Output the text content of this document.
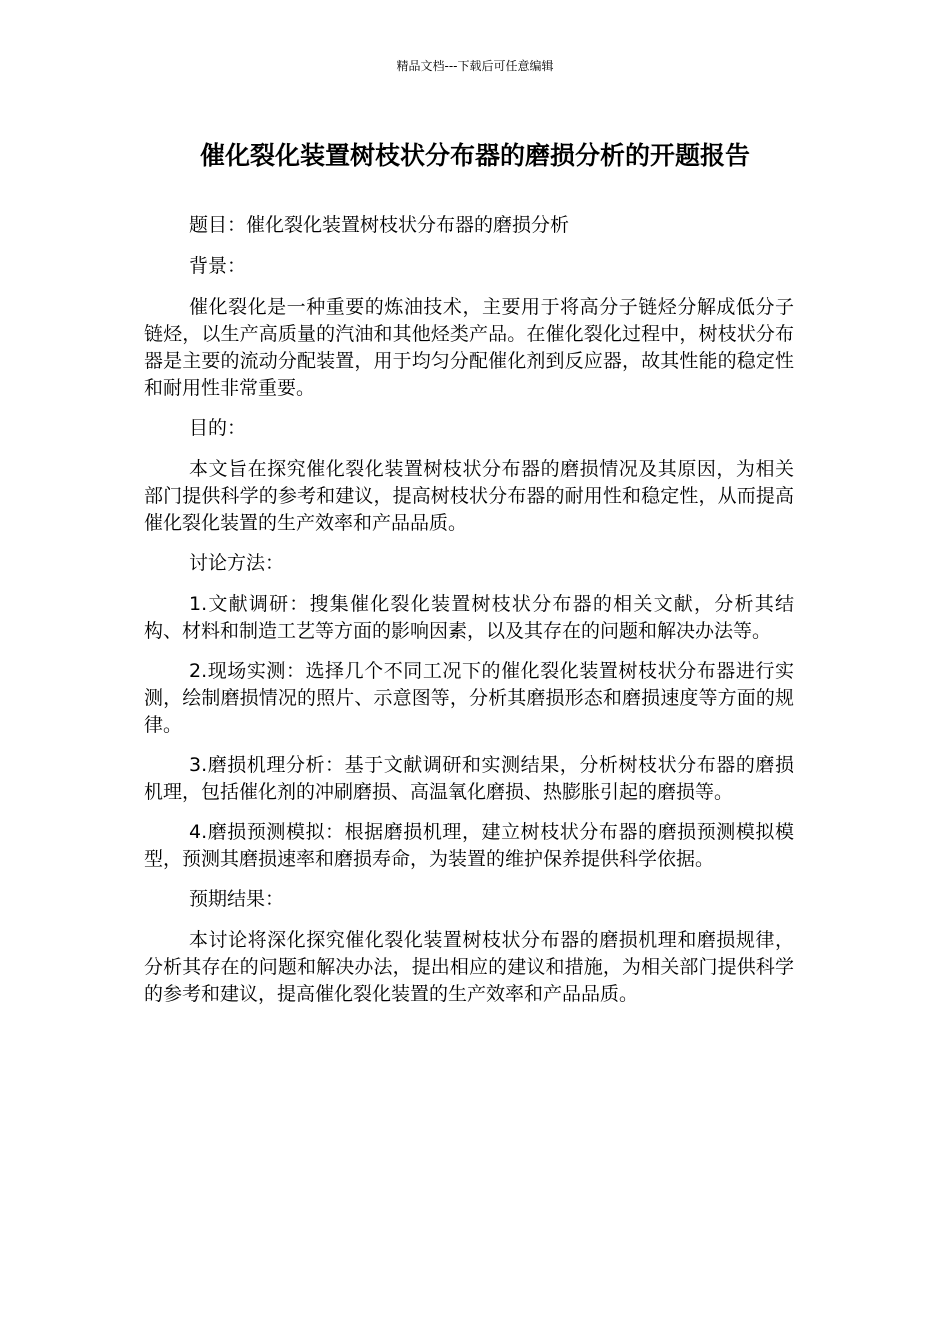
精品文档---下载后可任意编辑
催化裂化装置树枝状分布器的磨损分析的开题报告

题目：催化裂化装置树枝状分布器的磨损分析

背景：

催化裂化是一种重要的炼油技术，主要用于将高分子链烃分解成低分子链烃，以生产高质量的汽油和其他烃类产品。在催化裂化过程中，树枝状分布器是主要的流动分配装置，用于均匀分配催化剂到反应器，故其性能的稳定性和耐用性非常重要。

目的：

本文旨在探究催化裂化装置树枝状分布器的磨损情况及其原因，为相关部门提供科学的参考和建议，提高树枝状分布器的耐用性和稳定性，从而提高催化裂化装置的生产效率和产品品质。

讨论方法：

1.文献调研：搜集催化裂化装置树枝状分布器的相关文献，分析其结构、材料和制造工艺等方面的影响因素，以及其存在的问题和解决办法等。

2.现场实测：选择几个不同工况下的催化裂化装置树枝状分布器进行实测，绘制磨损情况的照片、示意图等，分析其磨损形态和磨损速度等方面的规律。

3.磨损机理分析：基于文献调研和实测结果，分析树枝状分布器的磨损机理，包括催化剂的冲刷磨损、高温氧化磨损、热膨胀引起的磨损等。

4.磨损预测模拟：根据磨损机理，建立树枝状分布器的磨损预测模拟模型，预测其磨损速率和磨损寿命，为装置的维护保养提供科学依据。

预期结果：

本讨论将深化探究催化裂化装置树枝状分布器的磨损机理和磨损规律，分析其存在的问题和解决办法，提出相应的建议和措施，为相关部门提供科学的参考和建议，提高催化裂化装置的生产效率和产品品质。
